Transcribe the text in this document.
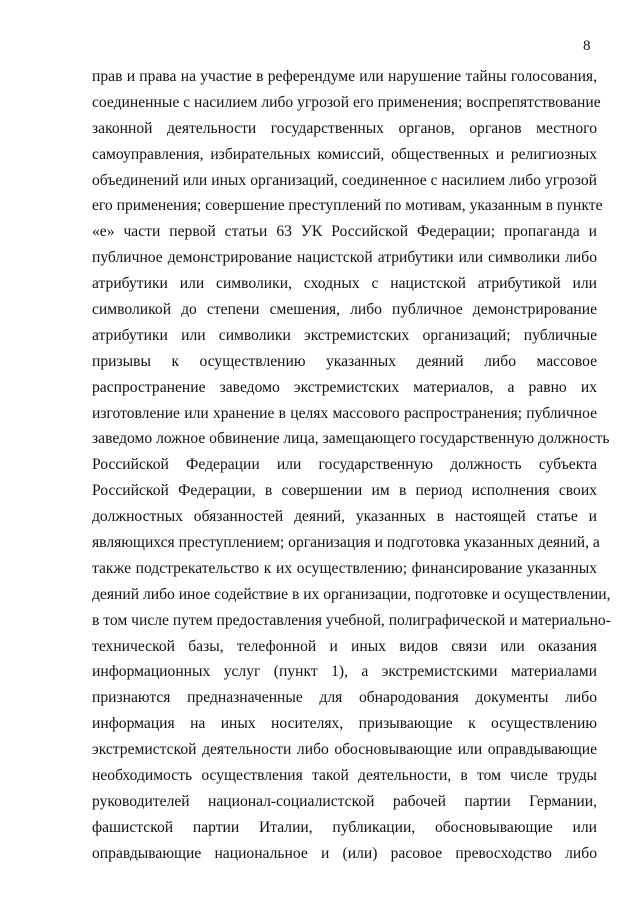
8
прав и права на участие в референдуме или нарушение тайны голосования,
соединенные с насилием либо угрозой его применения; воспрепятствование
законной деятельности государственных органов, органов местного
самоуправления, избирательных комиссий, общественных и религиозных
объединений или иных организаций, соединенное с насилием либо угрозой
его применения; совершение преступлений по мотивам, указанным в пункте
«е» части первой статьи 63 УК Российской Федерации; пропаганда и
публичное демонстрирование нацистской атрибутики или символики либо
атрибутики или символики, сходных с нацистской атрибутикой или
символикой до степени смешения, либо публичное демонстрирование
атрибутики или символики экстремистских организаций; публичные
призывы к осуществлению указанных деяний либо массовое
распространение заведомо экстремистских материалов, а равно их
изготовление или хранение в целях массового распространения; публичное
заведомо ложное обвинение лица, замещающего государственную должность
Российской Федерации или государственную должность субъекта
Российской Федерации, в совершении им в период исполнения своих
должностных обязанностей деяний, указанных в настоящей статье и
являющихся преступлением; организация и подготовка указанных деяний, а
также подстрекательство к их осуществлению; финансирование указанных
деяний либо иное содействие в их организации, подготовке и осуществлении,
в том числе путем предоставления учебной, полиграфической и материально-
технической базы, телефонной и иных видов связи или оказания
информационных услуг (пункт 1), а экстремистскими материалами
признаются предназначенные для обнародования документы либо
информация на иных носителях, призывающие к осуществлению
экстремистской деятельности либо обосновывающие или оправдывающие
необходимость осуществления такой деятельности, в том числе труды
руководителей национал-социалистской рабочей партии Германии,
фашистской партии Италии, публикации, обосновывающие или
оправдывающие национальное и (или) расовое превосходство либо
